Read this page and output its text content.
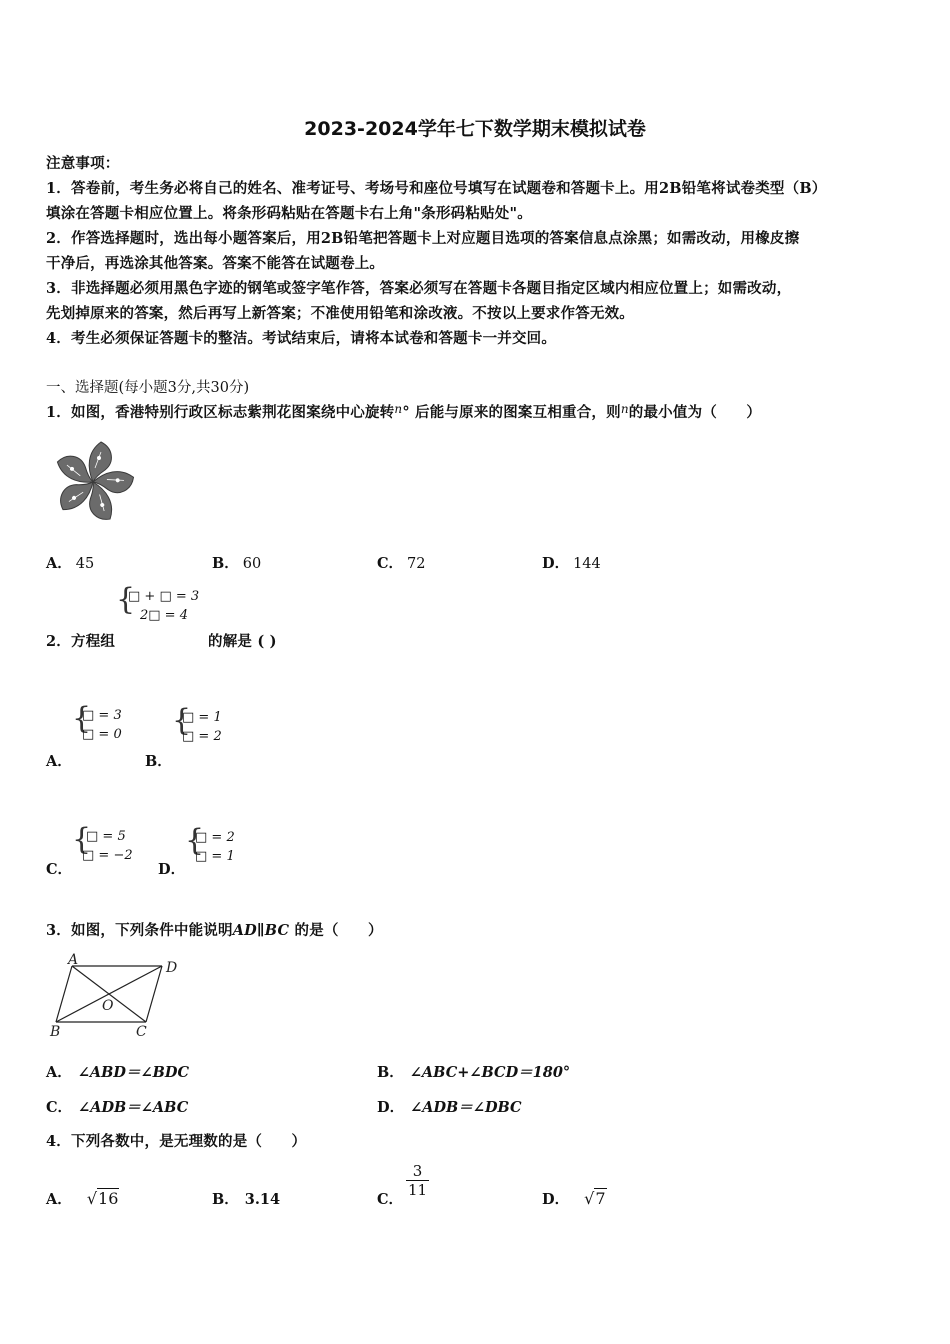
2023-2024学年七下数学期末模拟试卷
注意事项：
1．答卷前，考生务必将自己的姓名、准考证号、考场号和座位号填写在试题卷和答题卡上。用2B铅笔将试卷类型（B）
填涂在答题卡相应位置上。将条形码粘贴在答题卡右上角"条形码粘贴处"。
2．作答选择题时，选出每小题答案后，用2B铅笔把答题卡上对应题目选项的答案信息点涂黑；如需改动，用橡皮擦
干净后，再选涂其他答案。答案不能答在试题卷上。
3．非选择题必须用黑色字迹的钢笔或签字笔作答，答案必须写在答题卡各题目指定区域内相应位置上；如需改动，
先划掉原来的答案，然后再写上新答案；不准使用铅笔和涂改液。不按以上要求作答无效。
4．考生必须保证答题卡的整洁。考试结束后，请将本试卷和答题卡一并交回。
一、选择题(每小题3分,共30分)
1．如图，香港特别行政区标志紫荆花图案绕中心旋转$^n$° 后能与原来的图案互相重合，则$^n$的最小值为（　　）
A． 45	B． 60	C． 72	D． 144
{
□ + □ = 3
2□ = 4
2．方程组	的解是 ( )
{
□ = 3
□ = 0
A．
{
□ = 1
□ = 2
B．
{
□ = 5
□ = −2
C．
{
□ = 2
□ = 1
D．
3．如图，下列条件中能说明AD∥BC 的是（　　）
A	D
B	C
O
A． ∠ABD＝∠BDC	B． ∠ABC+∠BCD＝180°
C． ∠ADB＝∠ABC	D． ∠ADB＝∠DBC
4．下列各数中，是无理数的是（　　）
A． √16	B． 3.14	C．
$\frac{3}{11}$
D． √7
